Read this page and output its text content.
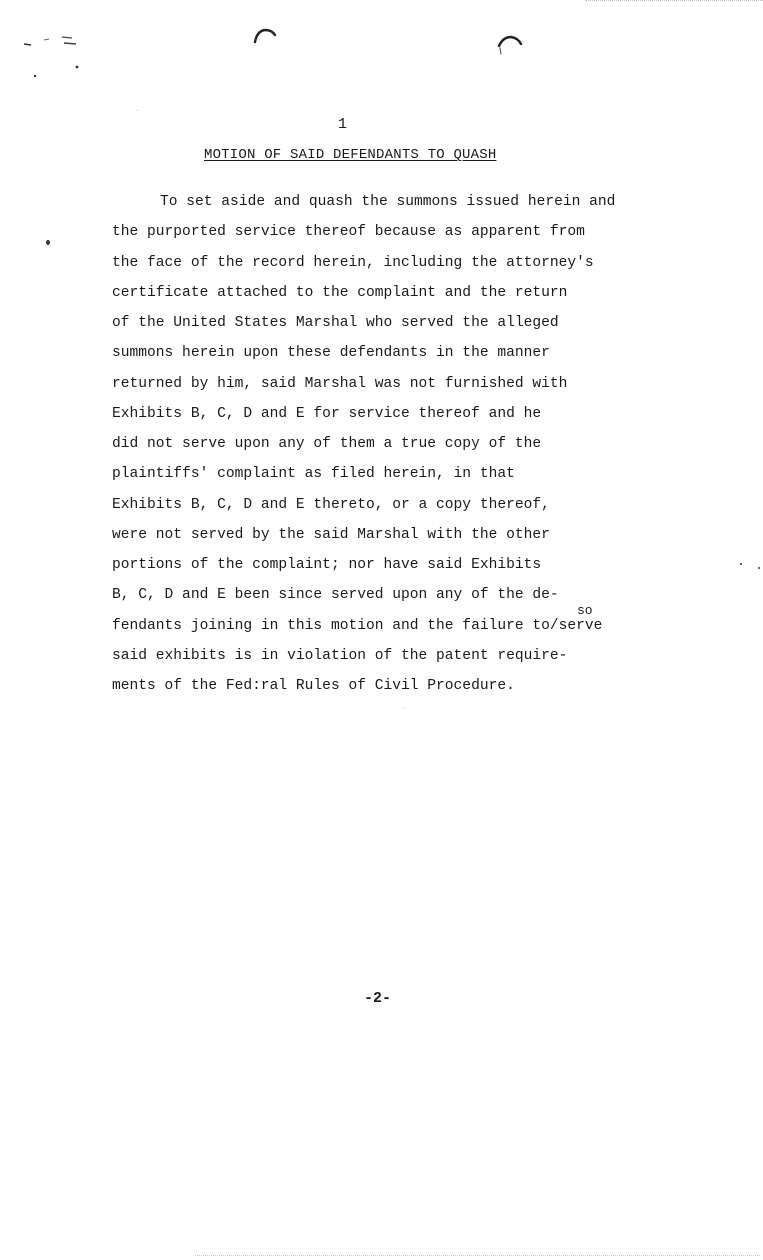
1
MOTION OF SAID DEFENDANTS TO QUASH
so
To set aside and quash the summons issued herein and
the purported service thereof because as apparent from
the face of the record herein, including the attorney's
certificate attached to the complaint and the return
of the United States Marshal who served the alleged
summons herein upon these defendants in the manner
returned by him, said Marshal was not furnished with
Exhibits B, C, D and E for service thereof and he
did not serve upon any of them a true copy of the
plaintiffs' complaint as filed herein, in that
Exhibits B, C, D and E thereto, or a copy thereof,
were not served by the said Marshal with the other
portions of the complaint; nor have said Exhibits
B, C, D and E been since served upon any of the de-
fendants joining in this motion and the failure to/serve
said exhibits is in violation of the patent require-
ments of the Fed:ral Rules of Civil Procedure.
-2-
